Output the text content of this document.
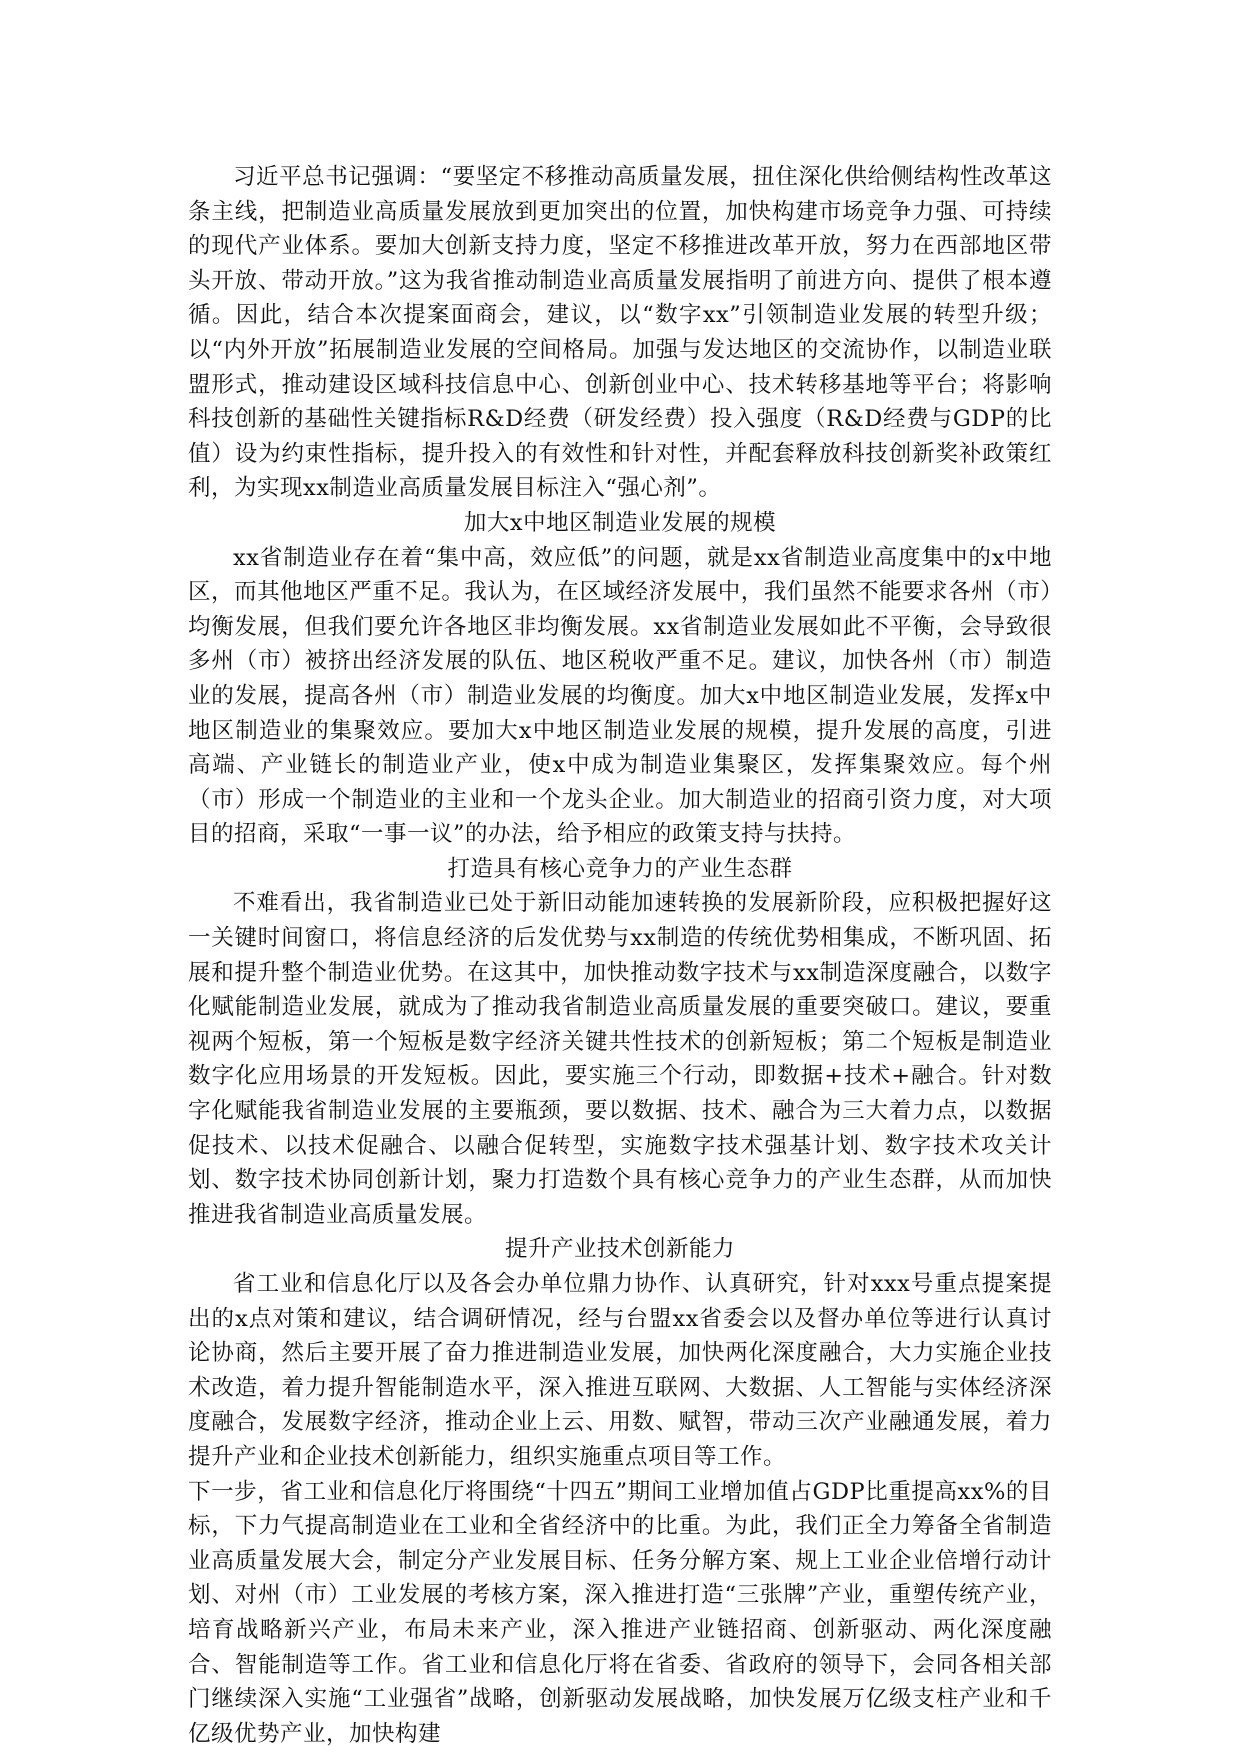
习近平总书记强调：“要坚定不移推动高质量发展，扭住深化供给侧结构性改革这条主线，把制造业高质量发展放到更加突出的位置，加快构建市场竞争力强、可持续的现代产业体系。要加大创新支持力度，坚定不移推进改革开放，努力在西部地区带头开放、带动开放。”这为我省推动制造业高质量发展指明了前进方向、提供了根本遵循。因此，结合本次提案面商会，建议，以“数字xx”引领制造业发展的转型升级；以“内外开放”拓展制造业发展的空间格局。加强与发达地区的交流协作，以制造业联盟形式，推动建设区域科技信息中心、创新创业中心、技术转移基地等平台；将影响科技创新的基础性关键指标R&D经费（研发经费）投入强度（R&D经费与GDP的比值）设为约束性指标，提升投入的有效性和针对性，并配套释放科技创新奖补政策红利，为实现xx制造业高质量发展目标注入“强心剂”。

加大x中地区制造业发展的规模

xx省制造业存在着“集中高，效应低”的问题，就是xx省制造业高度集中的x中地区，而其他地区严重不足。我认为，在区域经济发展中，我们虽然不能要求各州（市）均衡发展，但我们要允许各地区非均衡发展。xx省制造业发展如此不平衡，会导致很多州（市）被挤出经济发展的队伍、地区税收严重不足。建议，加快各州（市）制造业的发展，提高各州（市）制造业发展的均衡度。加大x中地区制造业发展，发挥x中地区制造业的集聚效应。要加大x中地区制造业发展的规模，提升发展的高度，引进高端、产业链长的制造业产业，使x中成为制造业集聚区，发挥集聚效应。每个州（市）形成一个制造业的主业和一个龙头企业。加大制造业的招商引资力度，对大项目的招商，采取“一事一议”的办法，给予相应的政策支持与扶持。

打造具有核心竞争力的产业生态群

不难看出，我省制造业已处于新旧动能加速转换的发展新阶段，应积极把握好这一关键时间窗口，将信息经济的后发优势与xx制造的传统优势相集成，不断巩固、拓展和提升整个制造业优势。在这其中，加快推动数字技术与xx制造深度融合，以数字化赋能制造业发展，就成为了推动我省制造业高质量发展的重要突破口。建议，要重视两个短板，第一个短板是数字经济关键共性技术的创新短板；第二个短板是制造业数字化应用场景的开发短板。因此，要实施三个行动，即数据+技术+融合。针对数字化赋能我省制造业发展的主要瓶颈，要以数据、技术、融合为三大着力点，以数据促技术、以技术促融合、以融合促转型，实施数字技术强基计划、数字技术攻关计划、数字技术协同创新计划，聚力打造数个具有核心竞争力的产业生态群，从而加快推进我省制造业高质量发展。

提升产业技术创新能力

省工业和信息化厅以及各会办单位鼎力协作、认真研究，针对xxx号重点提案提出的x点对策和建议，结合调研情况，经与台盟xx省委会以及督办单位等进行认真讨论协商，然后主要开展了奋力推进制造业发展，加快两化深度融合，大力实施企业技术改造，着力提升智能制造水平，深入推进互联网、大数据、人工智能与实体经济深度融合，发展数字经济，推动企业上云、用数、赋智，带动三次产业融通发展，着力提升产业和企业技术创新能力，组织实施重点项目等工作。

下一步，省工业和信息化厅将围绕“十四五”期间工业增加值占GDP比重提高xx%的目标，下力气提高制造业在工业和全省经济中的比重。为此，我们正全力筹备全省制造业高质量发展大会，制定分产业发展目标、任务分解方案、规上工业企业倍增行动计划、对州（市）工业发展的考核方案，深入推进打造“三张牌”产业，重塑传统产业，培育战略新兴产业，布局未来产业，深入推进产业链招商、创新驱动、两化深度融合、智能制造等工作。省工业和信息化厅将在省委、省政府的领导下，会同各相关部门继续深入实施“工业强省”战略，创新驱动发展战略，加快发展万亿级支柱产业和千亿级优势产业，加快构建
